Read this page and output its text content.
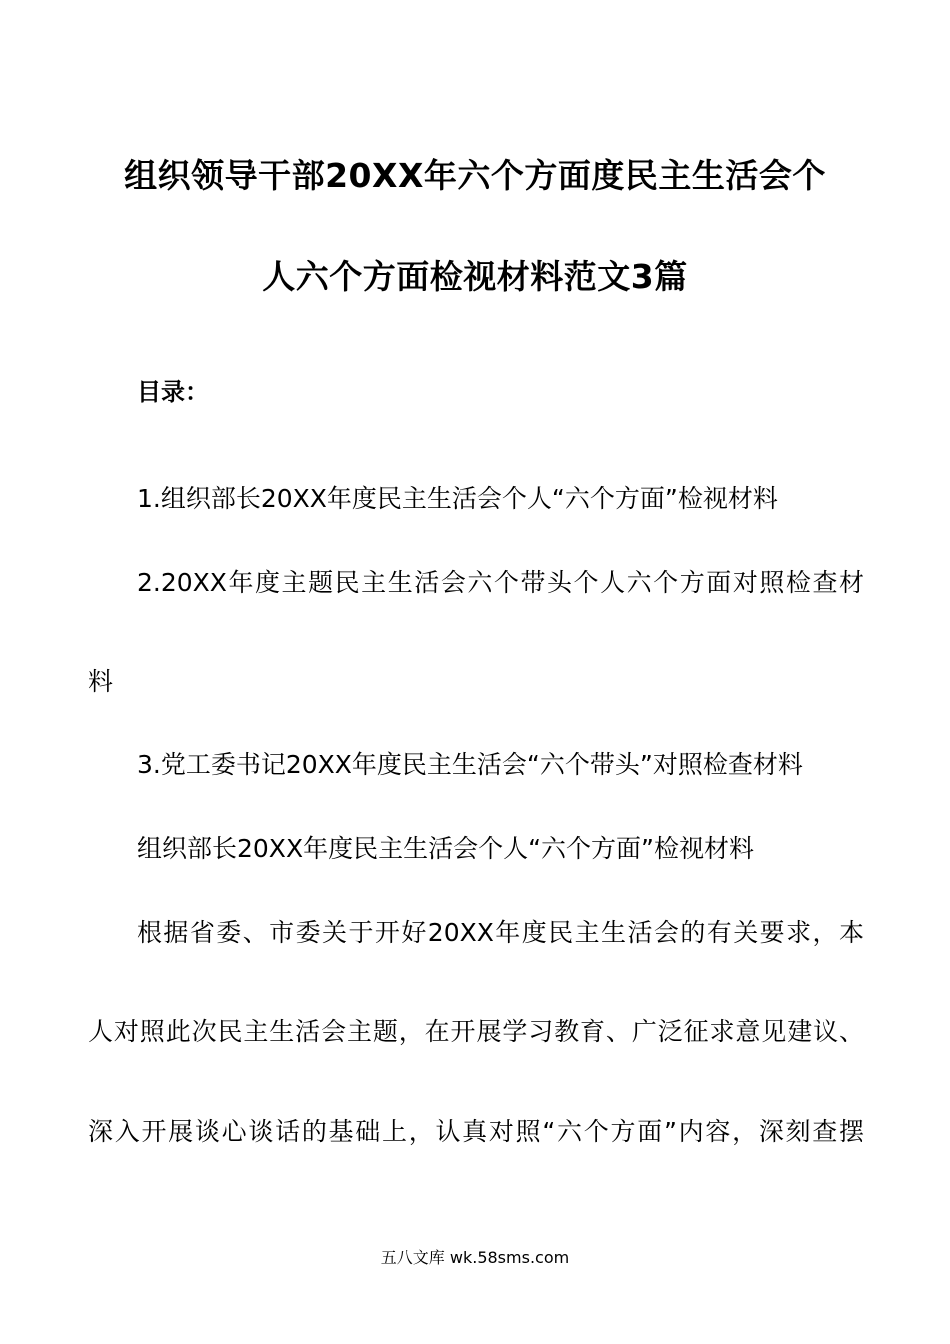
组织领导干部20XX年六个方面度民主生活会个
人六个方面检视材料范文3篇
目录：
1.组织部长20XX年度民主生活会个人“六个方面”检视材料
2.20XX年度主题民主生活会六个带头个人六个方面对照检查材
料
3.党工委书记20XX年度民主生活会“六个带头”对照检查材料
组织部长20XX年度民主生活会个人“六个方面”检视材料
根据省委、市委关于开好20XX年度民主生活会的有关要求，本
人对照此次民主生活会主题，在开展学习教育、广泛征求意见建议、
深入开展谈心谈话的基础上，认真对照“六个方面”内容，深刻查摆
五八文库 wk.58sms.com
